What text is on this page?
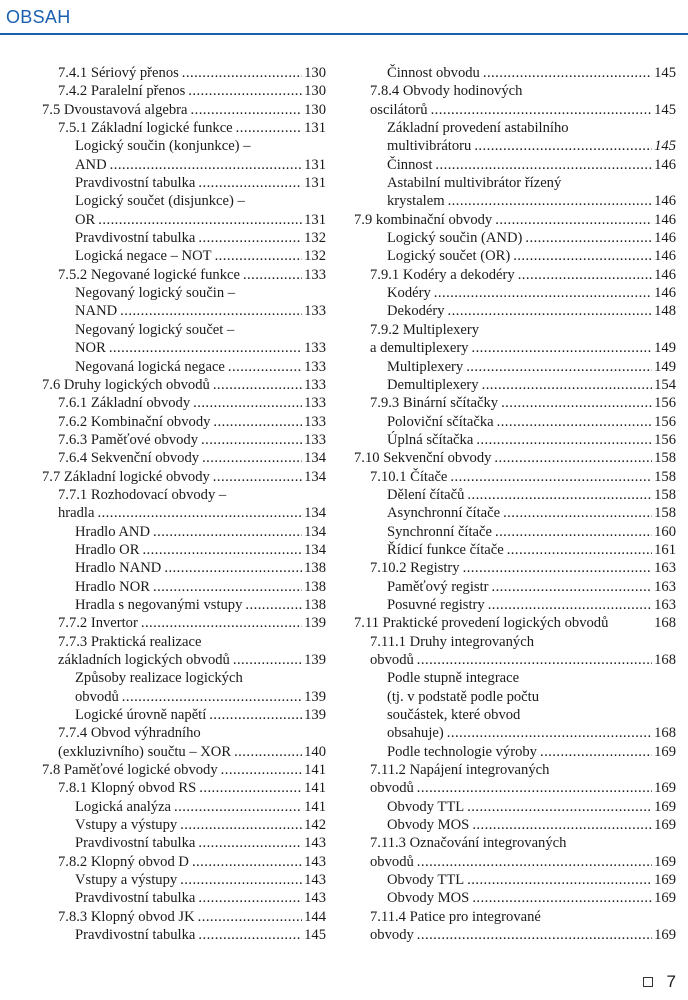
OBSAH
7.4.1 Sériový přenos . . .	130
7.4.2 Paralelní přenos . . .	130
7.5 Dvoustavová algebra . . .	130
7.5.1 Základní logické funkce . . .	131
Logický součin (konjunkce) –
AND . . .	131
Pravdivostní tabulka . . .	131
Logický součet (disjunkce) –
OR . . .	131
Pravdivostní tabulka . . .	132
Logická negace – NOT . . .	132
7.5.2 Negované logické funkce . . .	133
Negovaný logický součin –
NAND . . .	133
Negovaný logický součet –
NOR . . .	133
Negovaná logická negace . . .	133
7.6 Druhy logických obvodů . . .	133
7.6.1 Základní obvody . . .	133
7.6.2 Kombinační obvody . . .	133
7.6.3 Paměťové obvody . . .	133
7.6.4 Sekvenční obvody . . .	134
7.7 Základní logické obvody . . .	134
7.7.1 Rozhodovací obvody –
hradla . . .	134
Hradlo AND . . .	134
Hradlo OR . . .	134
Hradlo NAND . . .	138
Hradlo NOR . . .	138
Hradla s negovanými vstupy . . .	138
7.7.2 Invertor . . .	139
7.7.3 Praktická realizace
základních logických obvodů . . .	139
Způsoby realizace logických
obvodů . . .	139
Logické úrovně napětí . . .	139
7.7.4 Obvod výhradního
(exkluzivního) součtu – XOR . . .	140
7.8 Paměťové logické obvody . . .	141
7.8.1 Klopný obvod RS . . .	141
Logická analýza . . .	141
Vstupy a výstupy . . .	142
Pravdivostní tabulka . . .	143
7.8.2 Klopný obvod D . . .	143
Vstupy a výstupy . . .	143
Pravdivostní tabulka . . .	143
7.8.3 Klopný obvod JK . . .	144
Pravdivostní tabulka . . .	145
Činnost obvodu . . .	145
7.8.4 Obvody hodinových
oscilátorů . . .	145
Základní provedení astabilního
multivibrátoru . . .	145
Činnost . . .	146
Astabilní multivibrátor řízený
krystalem . . .	146
7.9 kombinační obvody . . .	146
Logický součin (AND) . . .	146
Logický součet (OR) . . .	146
7.9.1 Kodéry a dekodéry . . .	146
Kodéry . . .	146
Dekodéry . . .	148
7.9.2 Multiplexery
a demultiplexery . . .	149
Multiplexery . . .	149
Demultiplexery . . .	154
7.9.3 Binární sčítačky . . .	156
Poloviční sčítačka . . .	156
Úplná sčítačka . . .	156
7.10 Sekvenční obvody . . .	158
7.10.1 Čítače . . .	158
Dělení čítačů . . .	158
Asynchronní čítače . . .	158
Synchronní čítače . . .	160
Řídicí funkce čítače . . .	161
7.10.2 Registry . . .	163
Paměťový registr . . .	163
Posuvné registry . . .	163
7.11 Praktické provedení logických obvodů	168
7.11.1 Druhy integrovaných
obvodů . . .	168
Podle stupně integrace
(tj. v podstatě podle počtu
součástek, které obvod
obsahuje) . . .	168
Podle technologie výroby . . .	169
7.11.2 Napájení integrovaných
obvodů . . .	169
Obvody TTL . . .	169
Obvody MOS . . .	169
7.11.3 Označování integrovaných
obvodů . . .	169
Obvody TTL . . .	169
Obvody MOS . . .	169
7.11.4 Patice pro integrované
obvody . . .	169
7
